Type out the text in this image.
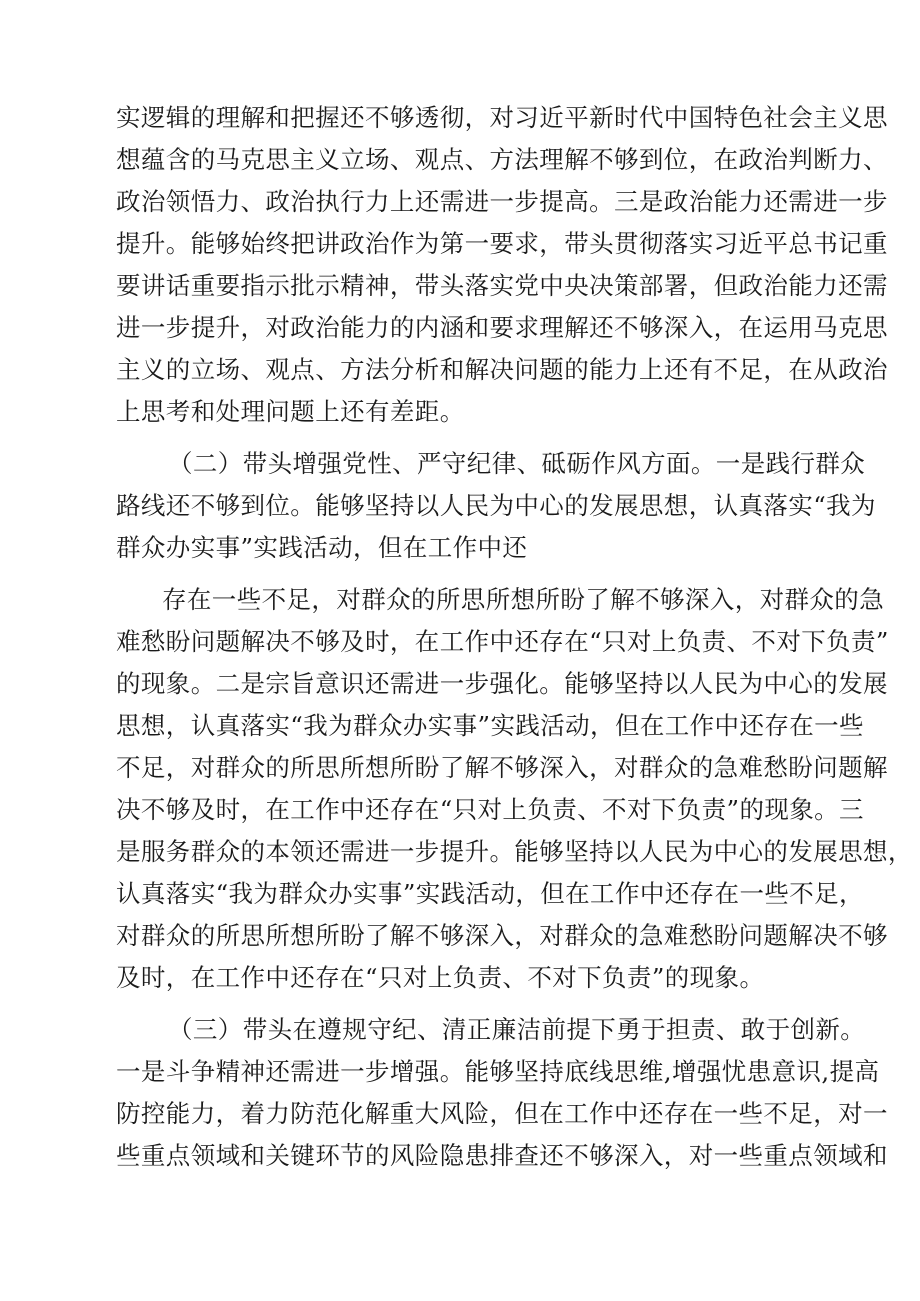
实逻辑的理解和把握还不够透彻，对习近平新时代中国特色社会主义思

想蕴含的马克思主义立场、观点、方法理解不够到位，在政治判断力、

政治领悟力、政治执行力上还需进一步提高。三是政治能力还需进一步

提升。能够始终把讲政治作为第一要求，带头贯彻落实习近平总书记重

要讲话重要指示批示精神，带头落实党中央决策部署，但政治能力还需

进一步提升，对政治能力的内涵和要求理解还不够深入，在运用马克思

主义的立场、观点、方法分析和解决问题的能力上还有不足，在从政治

上思考和处理问题上还有差距。

（二）带头增强党性、严守纪律、砥砺作风方面。一是践行群众

路线还不够到位。能够坚持以人民为中心的发展思想，认真落实“我为

群众办实事”实践活动，但在工作中还

存在一些不足，对群众的所思所想所盼了解不够深入，对群众的急

难愁盼问题解决不够及时，在工作中还存在“只对上负责、不对下负责”

的现象。二是宗旨意识还需进一步强化。能够坚持以人民为中心的发展

思想，认真落实“我为群众办实事”实践活动，但在工作中还存在一些

不足，对群众的所思所想所盼了解不够深入，对群众的急难愁盼问题解

决不够及时，在工作中还存在“只对上负责、不对下负责”的现象。三

是服务群众的本领还需进一步提升。能够坚持以人民为中心的发展思想，

认真落实“我为群众办实事”实践活动，但在工作中还存在一些不足，

对群众的所思所想所盼了解不够深入，对群众的急难愁盼问题解决不够

及时，在工作中还存在“只对上负责、不对下负责”的现象。

（三）带头在遵规守纪、清正廉洁前提下勇于担责、敢于创新。

一是斗争精神还需进一步增强。能够坚持底线思维,增强忧患意识,提高

防控能力，着力防范化解重大风险，但在工作中还存在一些不足，对一

些重点领域和关键环节的风险隐患排查还不够深入，对一些重点领域和
